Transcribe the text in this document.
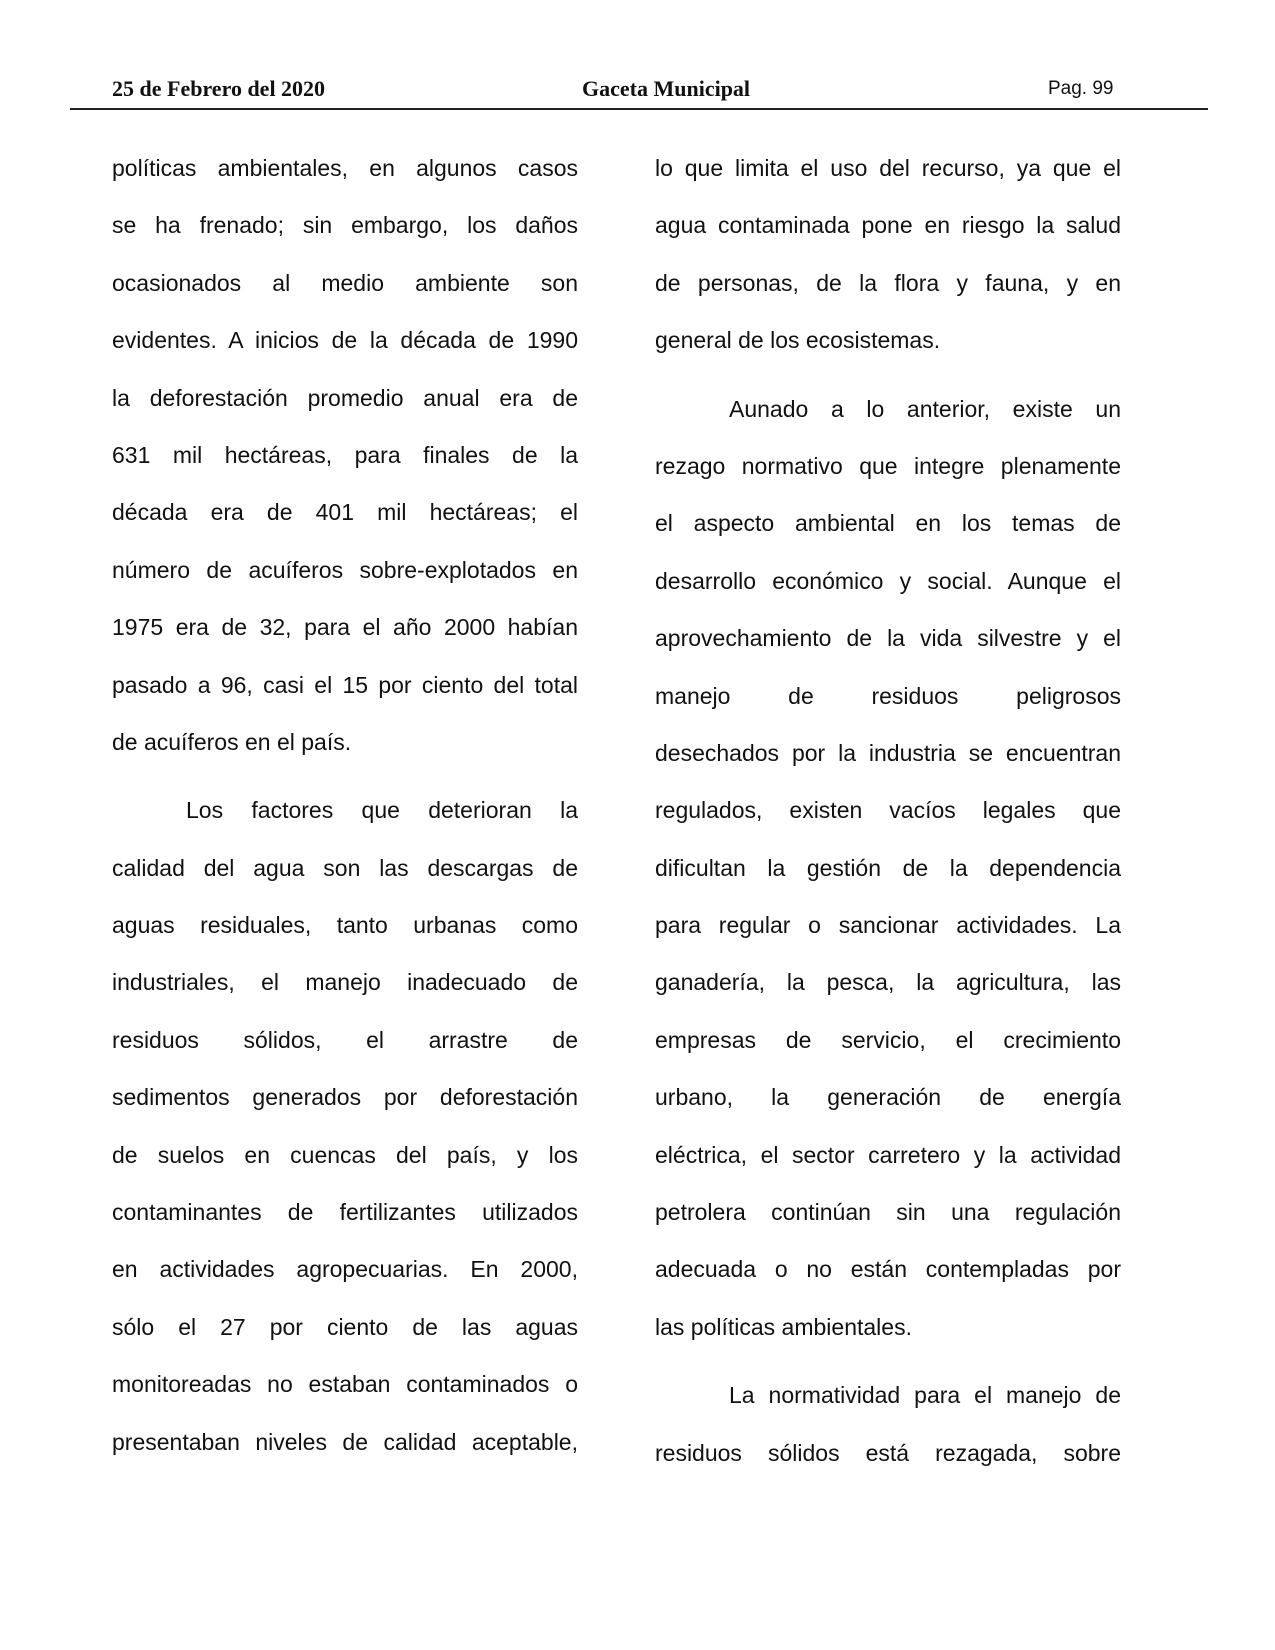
25 de Febrero del 2020	Gaceta Municipal	Pag. 99
políticas ambientales, en algunos casos
se ha frenado; sin embargo, los daños
ocasionados al medio ambiente son
evidentes. A inicios de la década de 1990
la deforestación promedio anual era de
631 mil hectáreas, para finales de la
década era de 401 mil hectáreas; el
número de acuíferos sobre-explotados en
1975 era de 32, para el año 2000 habían
pasado a 96, casi el 15 por ciento del total
de acuíferos en el país.
Los factores que deterioran la
calidad del agua son las descargas de
aguas residuales, tanto urbanas como
industriales, el manejo inadecuado de
residuos sólidos, el arrastre de
sedimentos generados por deforestación
de suelos en cuencas del país, y los
contaminantes de fertilizantes utilizados
en actividades agropecuarias. En 2000,
sólo el 27 por ciento de las aguas
monitoreadas no estaban contaminados o
presentaban niveles de calidad aceptable,
lo que limita el uso del recurso, ya que el
agua contaminada pone en riesgo la salud
de personas, de la flora y fauna, y en
general de los ecosistemas.
Aunado a lo anterior, existe un
rezago normativo que integre plenamente
el aspecto ambiental en los temas de
desarrollo económico y social. Aunque el
aprovechamiento de la vida silvestre y el
manejo de residuos peligrosos
desechados por la industria se encuentran
regulados, existen vacíos legales que
dificultan la gestión de la dependencia
para regular o sancionar actividades. La
ganadería, la pesca, la agricultura, las
empresas de servicio, el crecimiento
urbano, la generación de energía
eléctrica, el sector carretero y la actividad
petrolera continúan sin una regulación
adecuada o no están contempladas por
las políticas ambientales.
La normatividad para el manejo de
residuos sólidos está rezagada, sobre
